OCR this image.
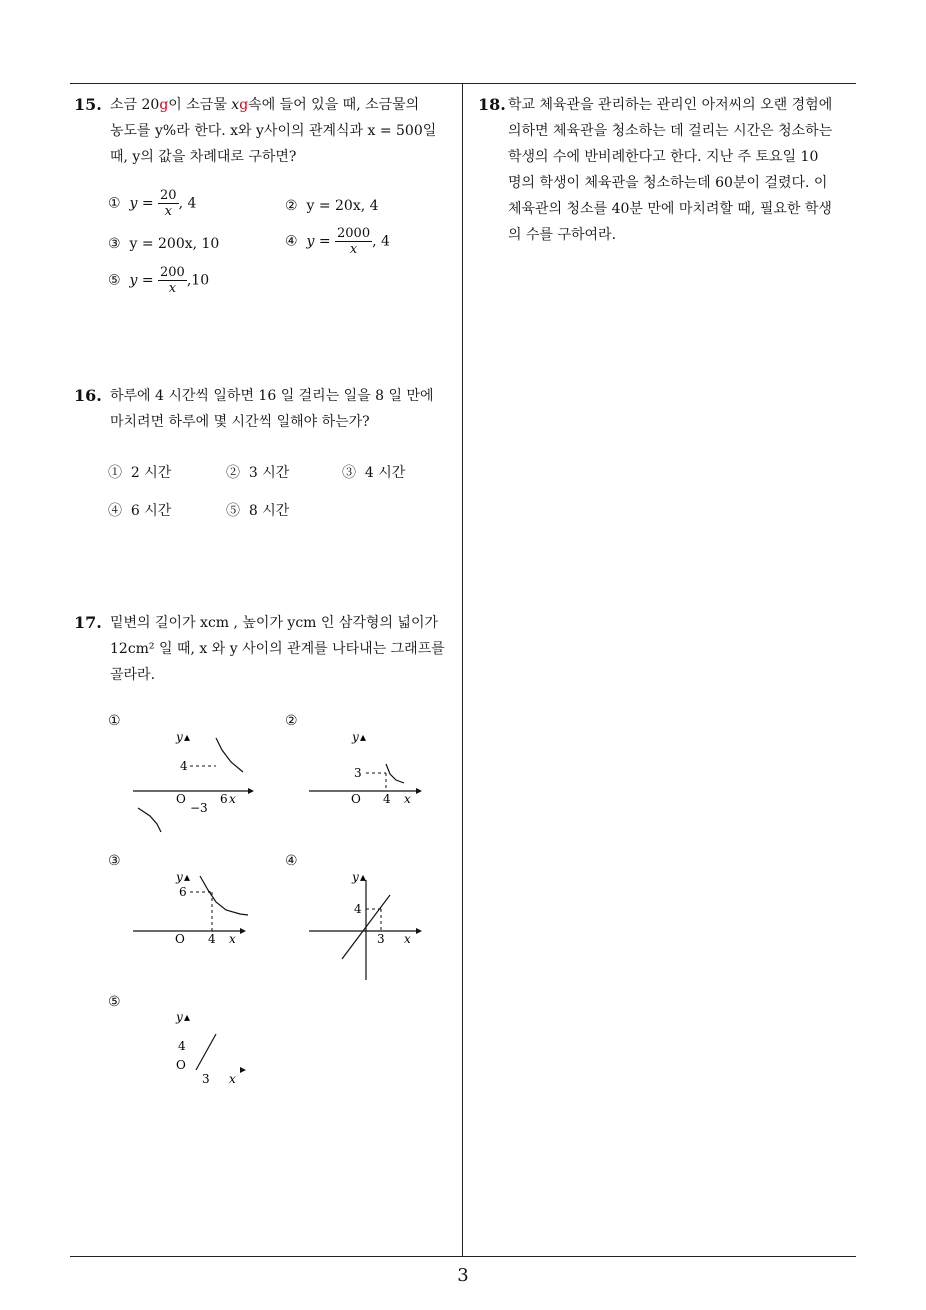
3
15. 소금 20g이 소금물 xg속에 들어 있을 때, 소금물의
농도를 y%라 한다. x와 y사이의 관계식과 x = 500일
때, y의 값을 차례대로 구하면?
① $y = \frac{20}{x}$ , 4	② y = 20x, 4
③ y = 200x, 10	④ $y = \frac{2000}{x}$ , 4
⑤ $y = \frac{200}{x} ,10$
16. 하루에 4 시간씩 일하면 16 일 걸리는 일을 8 일 만에
마치려면 하루에 몇 시간씩 일해야 하는가?
① 2 시간	② 3 시간	③ 4 시간
④ 6 시간	⑤ 8 시간
17. 밑변의 길이가 xcm , 높이가 ycm 인 삼각형의 넓이가
12cm² 일 때, x 와 y 사이의 관계를 나타내는 그래프를
골라라.
①	②
③	④
⑤
y ▴
4
O	6 x
−3
y ▴
3
O 4 x
y ▴
6
O 4 x
y ▴
4
3 x
y ▴
4
O
3 x
18. 학교 체육관을 관리하는 관리인 아저씨의 오랜 경험에
의하면 체육관을 청소하는 데 걸리는 시간은 청소하는
학생의 수에 반비례한다고 한다. 지난 주 토요일 10
명의 학생이 체육관을 청소하는데 60분이 걸렸다. 이
체육관의 청소를 40분 만에 마치려할 때, 필요한 학생
의 수를 구하여라.
